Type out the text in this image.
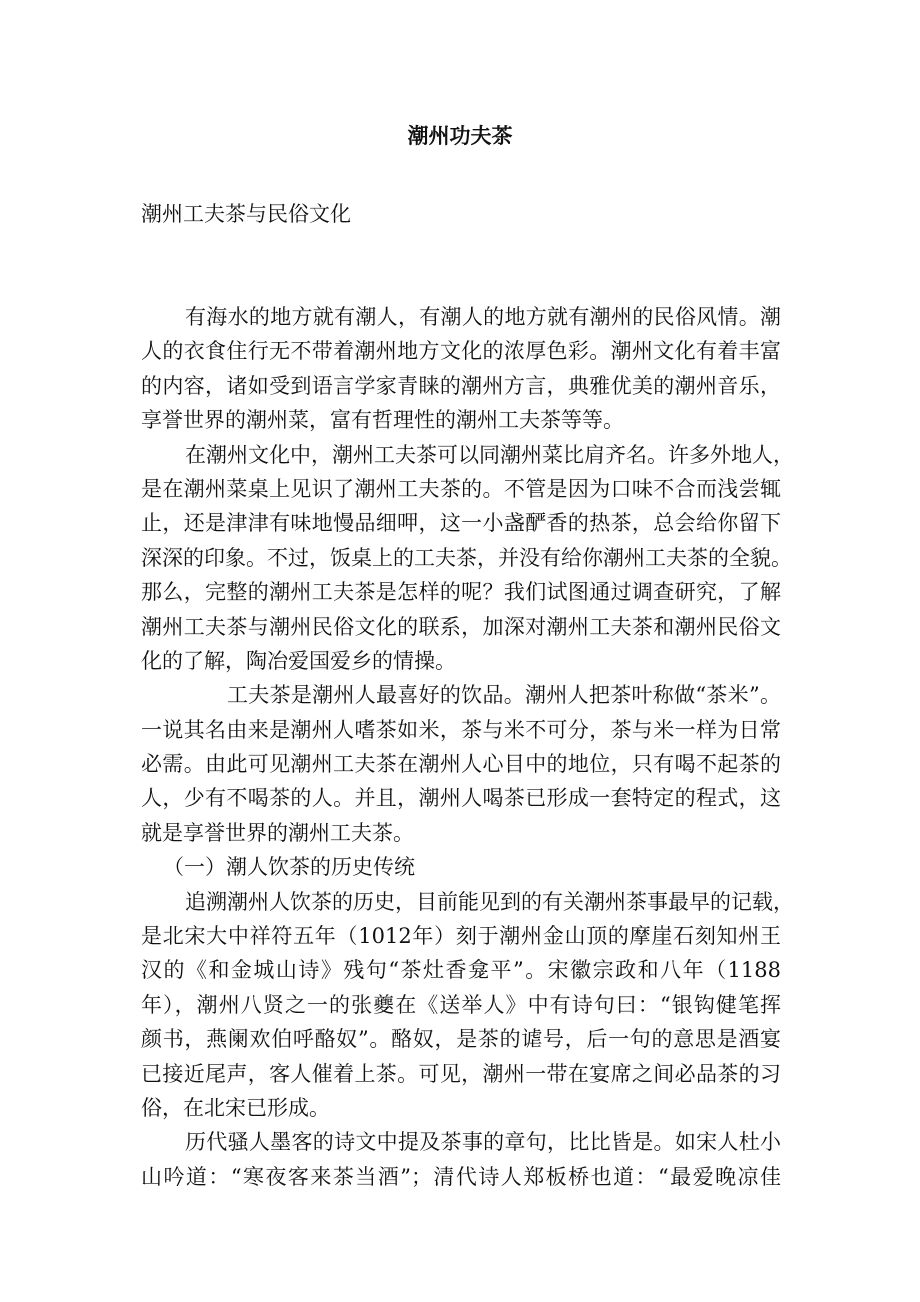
潮州功夫茶
潮州工夫茶与民俗文化
有海水的地方就有潮人，有潮人的地方就有潮州的民俗风情。潮
人的衣食住行无不带着潮州地方文化的浓厚色彩。潮州文化有着丰富
的内容，诸如受到语言学家青睐的潮州方言，典雅优美的潮州音乐，
享誉世界的潮州菜，富有哲理性的潮州工夫茶等等。
在潮州文化中，潮州工夫茶可以同潮州菜比肩齐名。许多外地人，
是在潮州菜桌上见识了潮州工夫茶的。不管是因为口味不合而浅尝辄
止，还是津津有味地慢品细呷，这一小盏酽香的热茶，总会给你留下
深深的印象。不过，饭桌上的工夫茶，并没有给你潮州工夫茶的全貌。
那么，完整的潮州工夫茶是怎样的呢？我们试图通过调查研究，了解
潮州工夫茶与潮州民俗文化的联系，加深对潮州工夫茶和潮州民俗文
化的了解，陶冶爱国爱乡的情操。
工夫茶是潮州人最喜好的饮品。潮州人把茶叶称做“茶米”。
一说其名由来是潮州人嗜茶如米，茶与米不可分，茶与米一样为日常
必需。由此可见潮州工夫茶在潮州人心目中的地位，只有喝不起茶的
人，少有不喝茶的人。并且，潮州人喝茶已形成一套特定的程式，这
就是享誉世界的潮州工夫茶。
（一）潮人饮茶的历史传统
追溯潮州人饮茶的历史，目前能见到的有关潮州茶事最早的记载，
是北宋大中祥符五年（1012年）刻于潮州金山顶的摩崖石刻知州王
汉的《和金城山诗》残句“茶灶香龛平”。宋徽宗政和八年（1188
年），潮州八贤之一的张夔在《送举人》中有诗句曰：“银钩健笔挥
颜书，燕阑欢伯呼酪奴”。酪奴，是茶的谑号，后一句的意思是酒宴
已接近尾声，客人催着上茶。可见，潮州一带在宴席之间必品茶的习
俗，在北宋已形成。
历代骚人墨客的诗文中提及茶事的章句，比比皆是。如宋人杜小
山吟道：“寒夜客来茶当酒”；清代诗人郑板桥也道：“最爱晚凉佳
